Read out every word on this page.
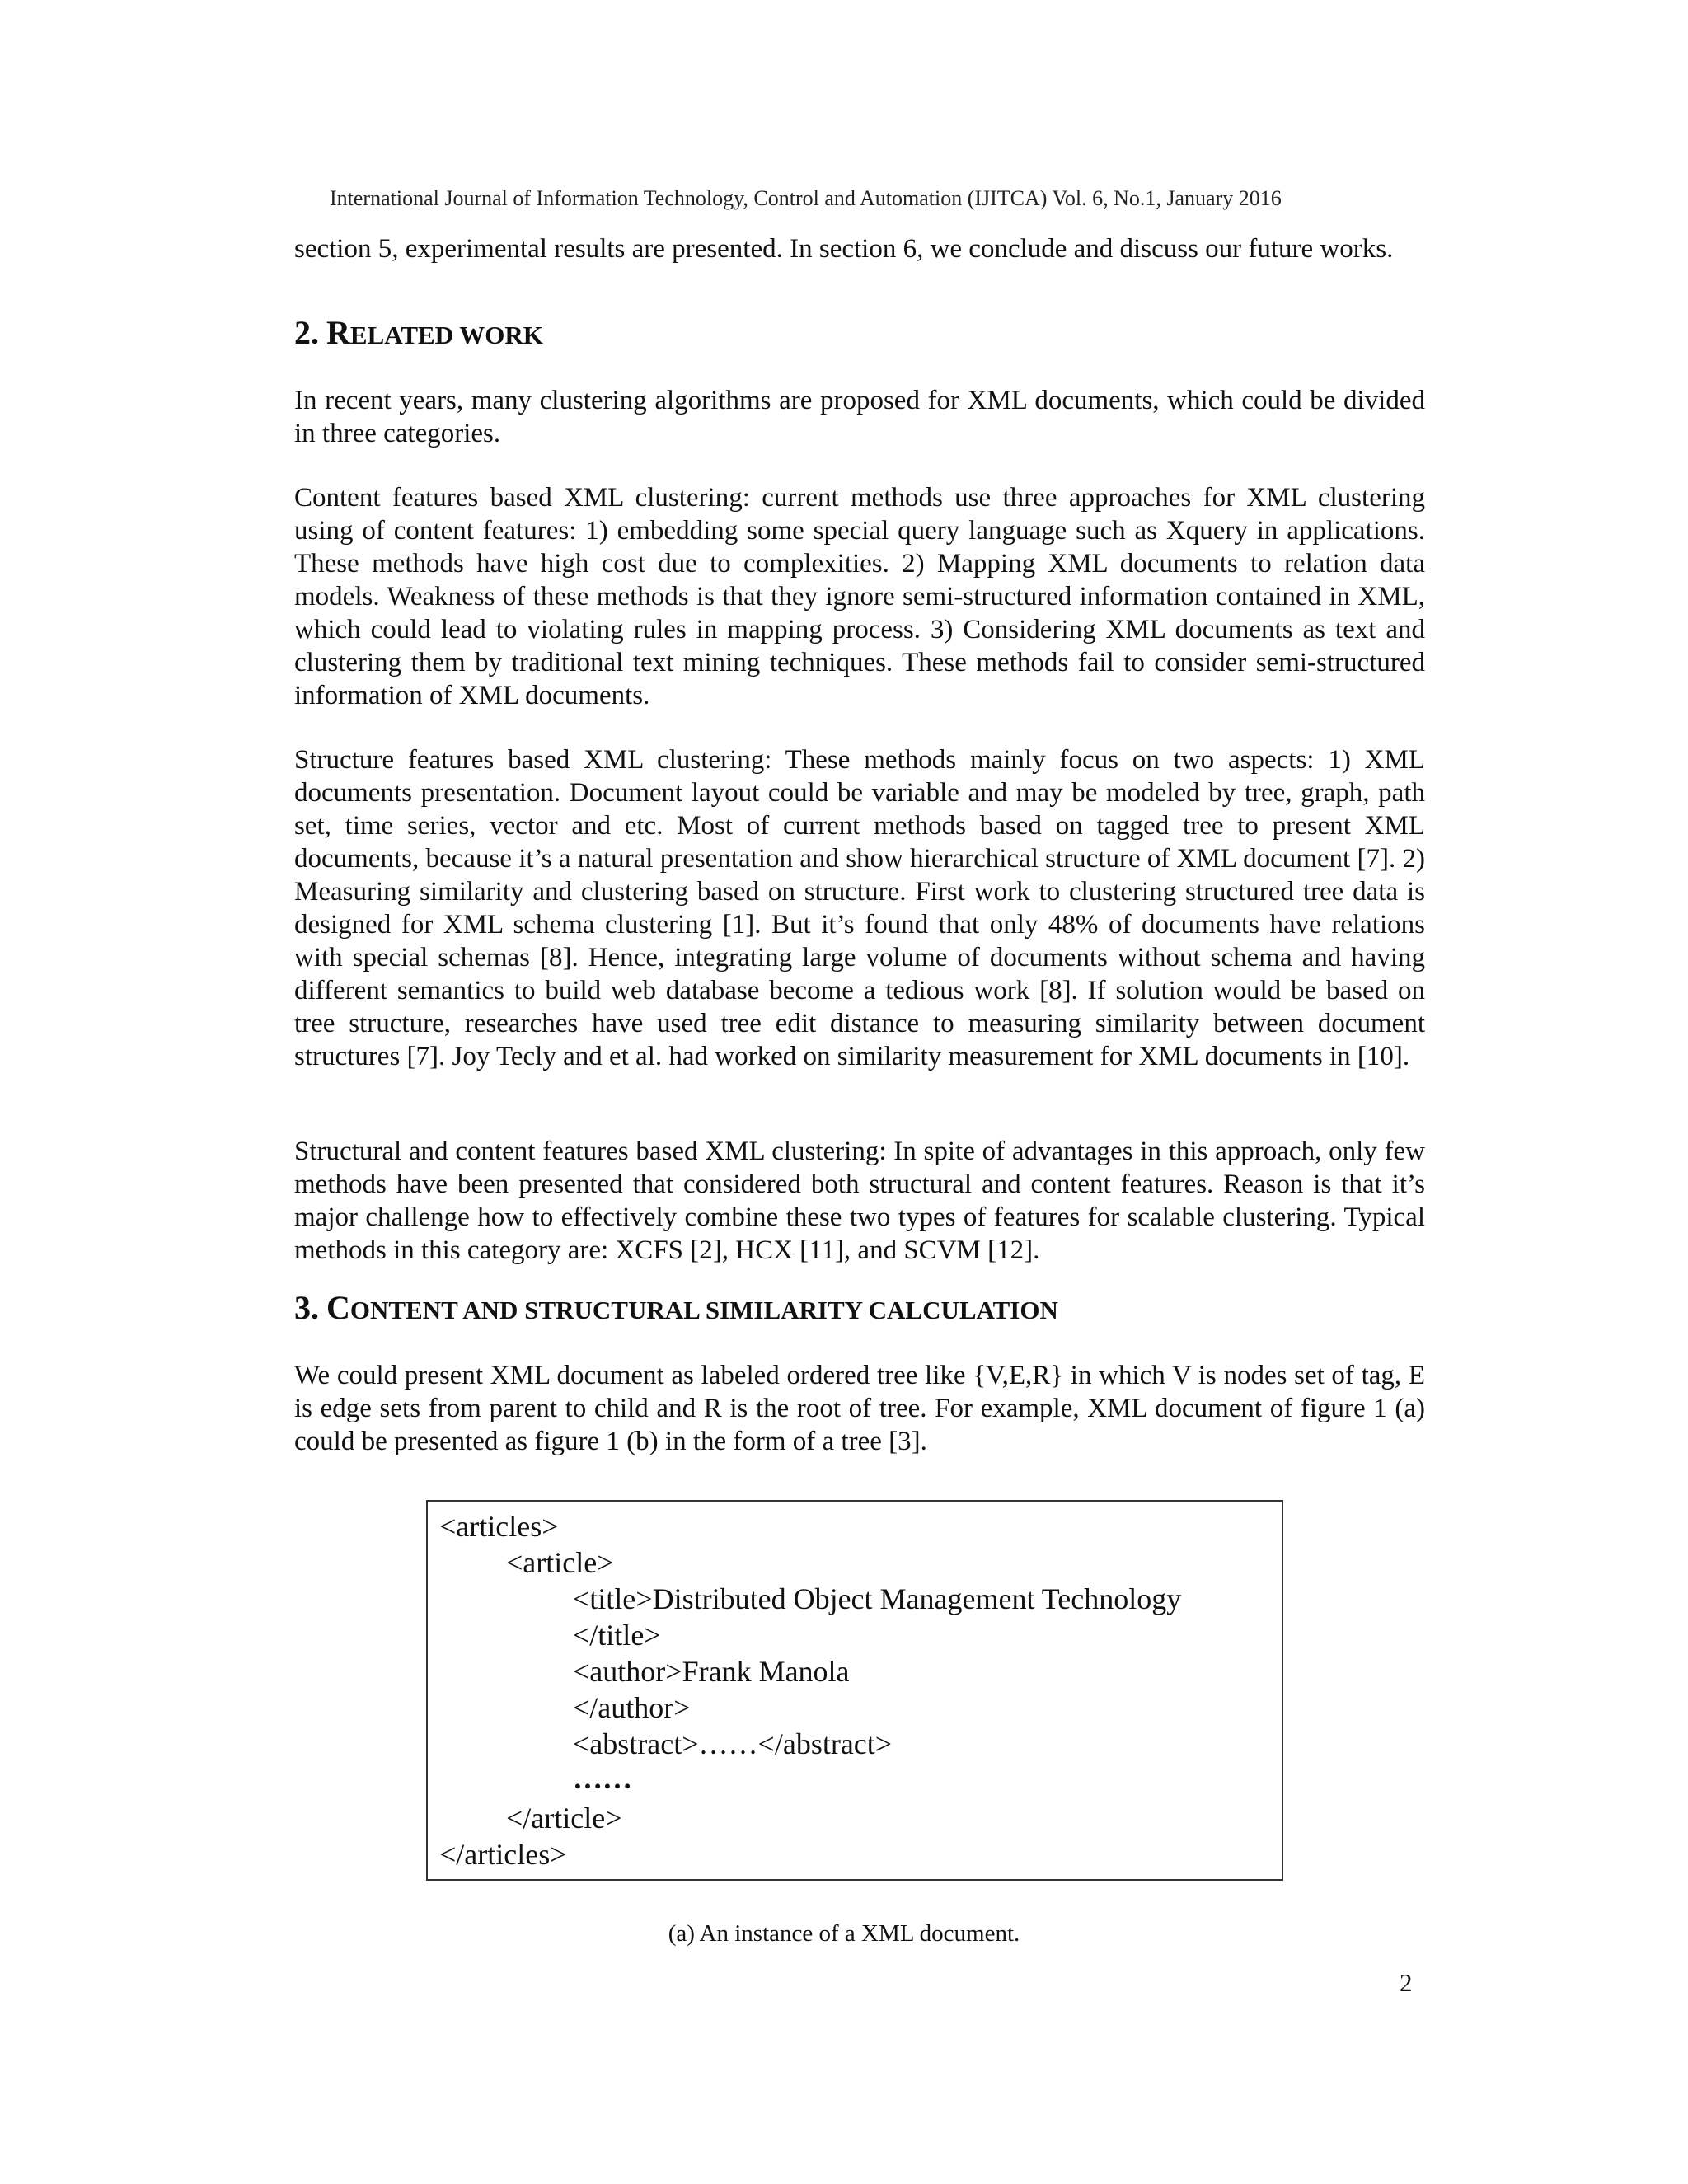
International Journal of Information Technology, Control and Automation (IJITCA) Vol. 6, No.1, January 2016
section 5, experimental results are presented. In section 6, we conclude and discuss our future works.
2. RELATED WORK
In recent years, many clustering algorithms are proposed for XML documents, which could be divided in three categories.
Content features based XML clustering: current methods use three approaches for XML clustering using of content features: 1) embedding some special query language such as Xquery in applications. These methods have high cost due to complexities. 2) Mapping XML documents to relation data models. Weakness of these methods is that they ignore semi-structured information contained in XML, which could lead to violating rules in mapping process. 3) Considering XML documents as text and clustering them by traditional text mining techniques. These methods fail to consider semi-structured information of XML documents.
Structure features based XML clustering: These methods mainly focus on two aspects: 1) XML documents presentation. Document layout could be variable and may be modeled by tree, graph, path set, time series, vector and etc. Most of current methods based on tagged tree to present XML documents, because it’s a natural presentation and show hierarchical structure of XML document [7]. 2) Measuring similarity and clustering based on structure. First work to clustering structured tree data is designed for XML schema clustering [1]. But it’s found that only 48% of documents have relations with special schemas [8]. Hence, integrating large volume of documents without schema and having different semantics to build web database become a tedious work [8]. If solution would be based on tree structure, researches have used tree edit distance to measuring similarity between document structures [7]. Joy Tecly and et al. had worked on similarity measurement for XML documents in [10].
Structural and content features based XML clustering: In spite of advantages in this approach, only few methods have been presented that considered both structural and content features. Reason is that it’s major challenge how to effectively combine these two types of features for scalable clustering. Typical methods in this category are: XCFS [2], HCX [11], and SCVM [12].
3. CONTENT AND STRUCTURAL SIMILARITY CALCULATION
We could present XML document as labeled ordered tree like {V,E,R} in which V is nodes set of tag, E is edge sets from parent to child and R is the root of tree. For example, XML document of figure 1 (a) could be presented as figure 1 (b) in the form of a tree [3].
<articles>
<article>
<title>Distributed Object Management Technology
</title>
<author>Frank Manola
</author>
<abstract>……</abstract>
……
</article>
</articles>
(a) An instance of a XML document.
2
